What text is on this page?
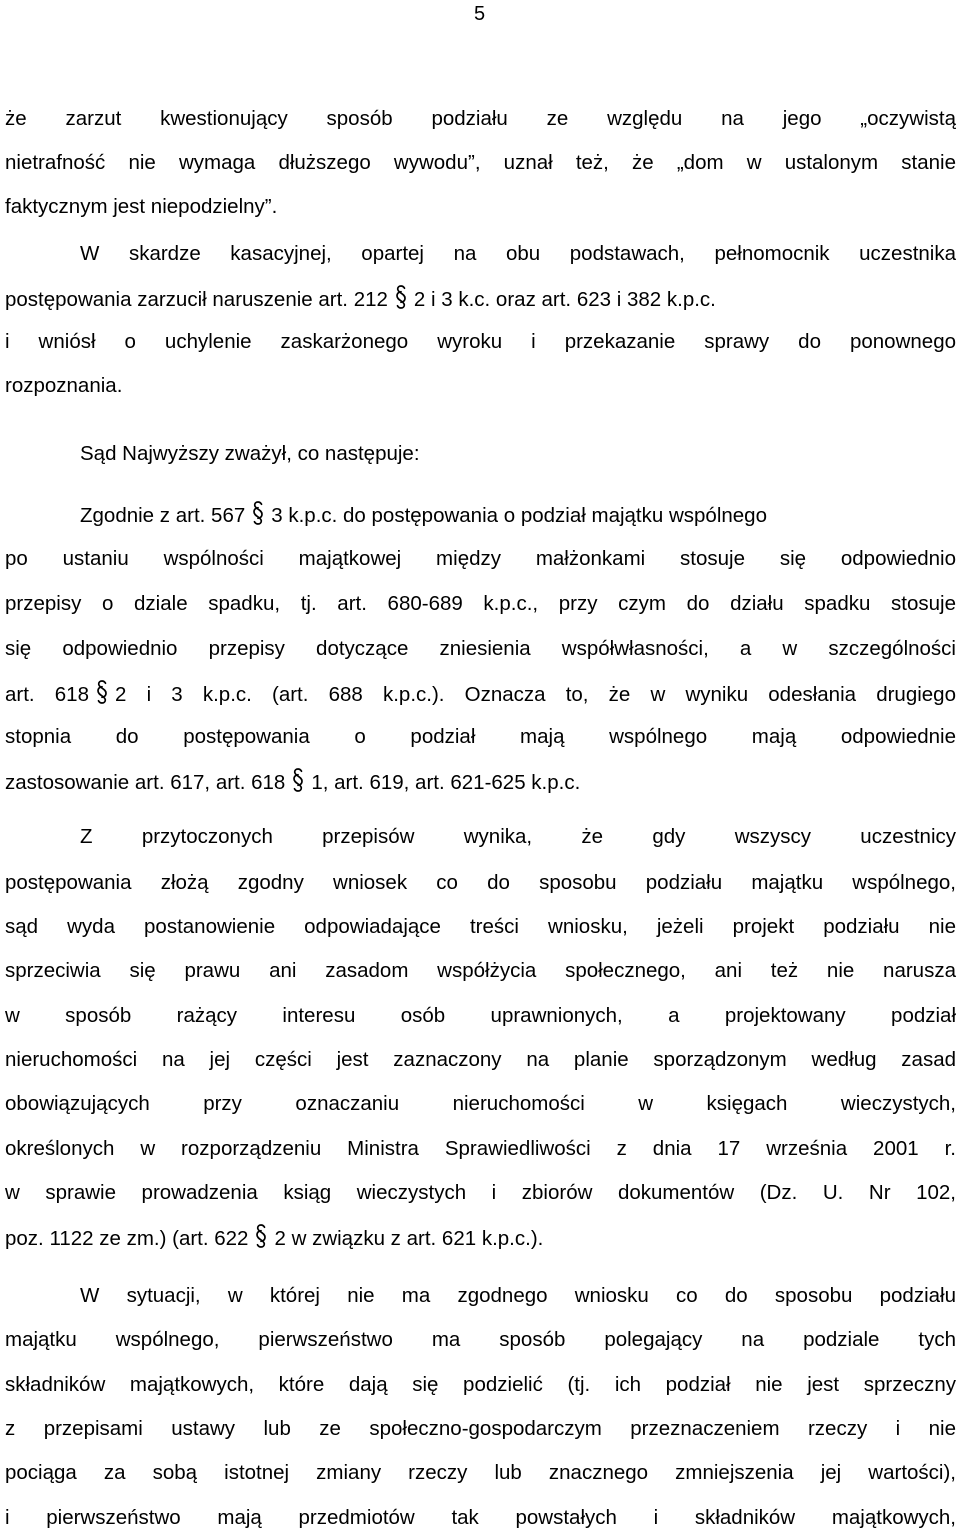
5
że zarzut kwestionujący sposób podziału ze względu na jego „oczywistą
nietrafność nie wymaga dłuższego wywodu”, uznał też, że „dom w ustalonym stanie
faktycznym jest niepodzielny”.
W skardze kasacyjnej, opartej na obu podstawach, pełnomocnik uczestnika
postępowania zarzucił naruszenie art. 212 2 i 3 k.c. oraz art. 623 i 382 k.p.c.
i wniósł o uchylenie zaskarżonego wyroku i przekazanie sprawy do ponownego
rozpoznania.
Sąd Najwyższy zważył, co następuje:
Zgodnie z art. 567 3 k.p.c. do postępowania o podział majątku wspólnego
po ustaniu wspólności majątkowej między małżonkami stosuje się odpowiednio
przepisy o dziale spadku, tj. art. 680-689 k.p.c., przy czym do działu spadku stosuje
się odpowiednio przepisy dotyczące zniesienia współwłasności, a w szczególności
art. 618 2 i 3 k.p.c. (art. 688 k.p.c.). Oznacza to, że w wyniku odesłania drugiego
stopnia do postępowania o podział mają wspólnego mają odpowiednie
zastosowanie art. 617, art. 618 1, art. 619, art. 621-625 k.p.c.
Z przytoczonych przepisów wynika, że gdy wszyscy uczestnicy
postępowania złożą zgodny wniosek co do sposobu podziału majątku wspólnego,
sąd wyda postanowienie odpowiadające treści wniosku, jeżeli projekt podziału nie
sprzeciwia się prawu ani zasadom współżycia społecznego, ani też nie narusza
w sposób rażący interesu osób uprawnionych, a projektowany podział
nieruchomości na jej części jest zaznaczony na planie sporządzonym według zasad
obowiązujących przy oznaczaniu nieruchomości w księgach wieczystych,
określonych w rozporządzeniu Ministra Sprawiedliwości z dnia 17 września 2001 r.
w sprawie prowadzenia ksiąg wieczystych i zbiorów dokumentów (Dz. U. Nr 102,
poz. 1122 ze zm.) (art. 622 2 w związku z art. 621 k.p.c.).
W sytuacji, w której nie ma zgodnego wniosku co do sposobu podziału
majątku wspólnego, pierwszeństwo ma sposób polegający na podziale tych
składników majątkowych, które dają się podzielić (tj. ich podział nie jest sprzeczny
z przepisami ustawy lub ze społeczno-gospodarczym przeznaczeniem rzeczy i nie
pociąga za sobą istotnej zmiany rzeczy lub znacznego zmniejszenia jej wartości),
i pierwszeństwo mają przedmiotów tak powstałych i składników majątkowych,
